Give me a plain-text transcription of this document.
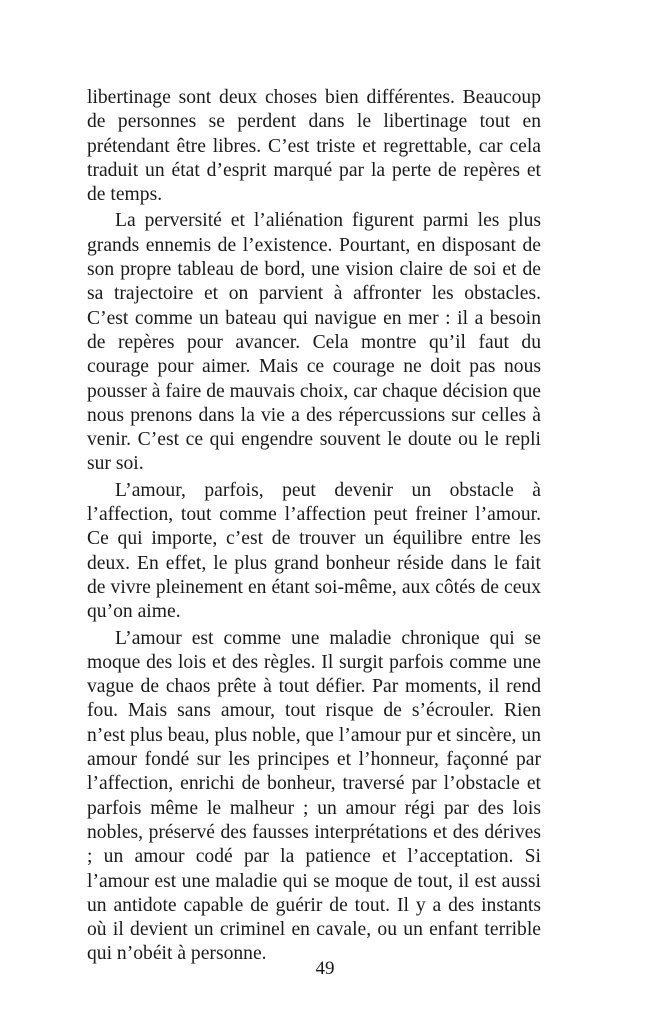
libertinage sont deux choses bien différentes. Beaucoup de personnes se perdent dans le libertinage tout en prétendant être libres. C’est triste et regrettable, car cela traduit un état d’esprit marqué par la perte de repères et de temps.

La perversité et l’aliénation figurent parmi les plus grands ennemis de l’existence. Pourtant, en disposant de son propre tableau de bord, une vision claire de soi et de sa trajectoire et on parvient à affronter les obstacles. C’est comme un bateau qui navigue en mer : il a besoin de repères pour avancer. Cela montre qu’il faut du courage pour aimer. Mais ce courage ne doit pas nous pousser à faire de mauvais choix, car chaque décision que nous prenons dans la vie a des répercussions sur celles à venir. C’est ce qui engendre souvent le doute ou le repli sur soi.

L’amour, parfois, peut devenir un obstacle à l’affection, tout comme l’affection peut freiner l’amour. Ce qui importe, c’est de trouver un équilibre entre les deux. En effet, le plus grand bonheur réside dans le fait de vivre pleinement en étant soi-même, aux côtés de ceux qu’on aime.

L’amour est comme une maladie chronique qui se moque des lois et des règles. Il surgit parfois comme une vague de chaos prête à tout défier. Par moments, il rend fou. Mais sans amour, tout risque de s’écrouler. Rien n’est plus beau, plus noble, que l’amour pur et sincère, un amour fondé sur les principes et l’honneur, façonné par l’affection, enrichi de bonheur, traversé par l’obstacle et parfois même le malheur ; un amour régi par des lois nobles, préservé des fausses interprétations et des dérives ; un amour codé par la patience et l’acceptation. Si l’amour est une maladie qui se moque de tout, il est aussi un antidote capable de guérir de tout. Il y a des instants où il devient un criminel en cavale, ou un enfant terrible qui n’obéit à personne.

49
